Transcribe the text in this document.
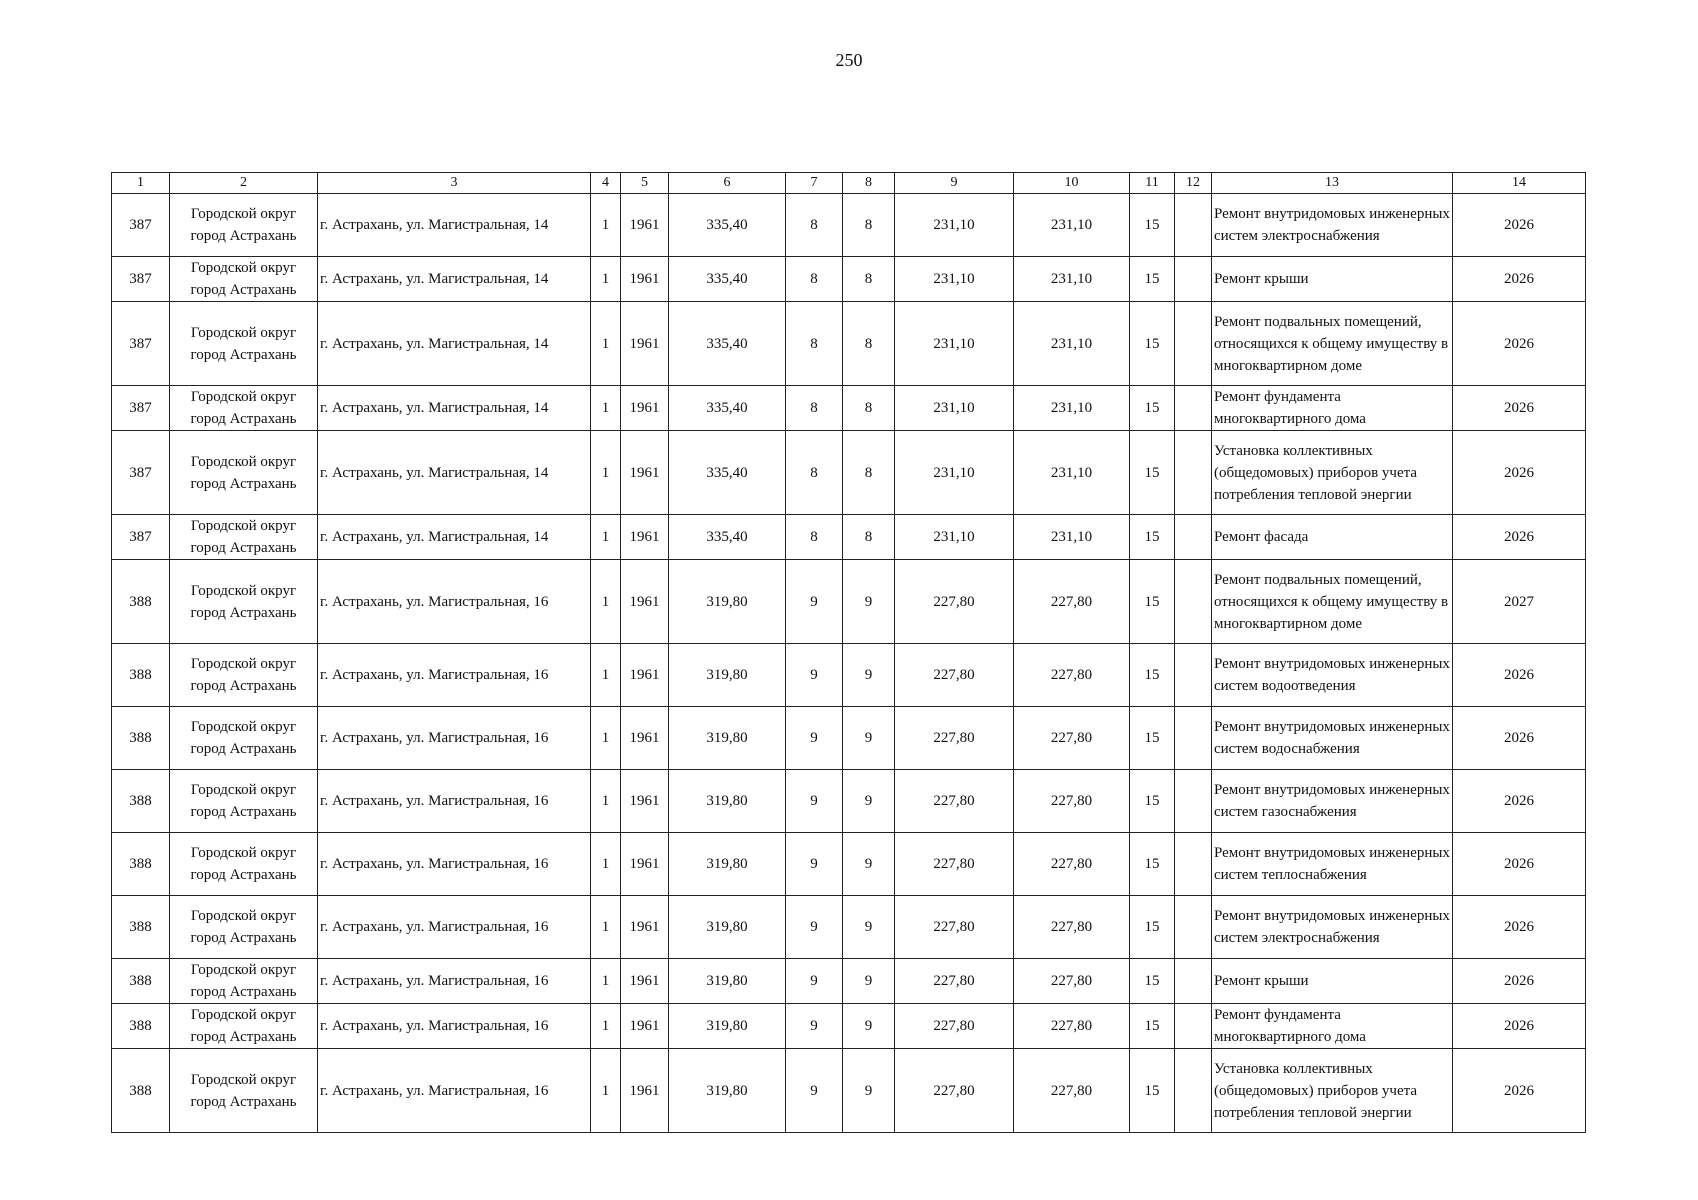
250
1	2	3	4	5	6	7	8	9	10	11	12	13	14
387	Городской округ город Астрахань	г. Астрахань, ул. Магистральная, 14	1	1961	335,40	8	8	231,10	231,10	15		Ремонт внутридомовых инженерных систем электроснабжения	2026
387	Городской округ город Астрахань	г. Астрахань, ул. Магистральная, 14	1	1961	335,40	8	8	231,10	231,10	15		Ремонт крыши	2026
387	Городской округ город Астрахань	г. Астрахань, ул. Магистральная, 14	1	1961	335,40	8	8	231,10	231,10	15		Ремонт подвальных помещений, относящихся к общему имуществу в многоквартирном доме	2026
387	Городской округ город Астрахань	г. Астрахань, ул. Магистральная, 14	1	1961	335,40	8	8	231,10	231,10	15		Ремонт фундамента многоквартирного дома	2026
387	Городской округ город Астрахань	г. Астрахань, ул. Магистральная, 14	1	1961	335,40	8	8	231,10	231,10	15		Установка коллективных (общедомовых) приборов учета потребления тепловой энергии	2026
387	Городской округ город Астрахань	г. Астрахань, ул. Магистральная, 14	1	1961	335,40	8	8	231,10	231,10	15		Ремонт фасада	2026
388	Городской округ город Астрахань	г. Астрахань, ул. Магистральная, 16	1	1961	319,80	9	9	227,80	227,80	15		Ремонт подвальных помещений, относящихся к общему имуществу в многоквартирном доме	2027
388	Городской округ город Астрахань	г. Астрахань, ул. Магистральная, 16	1	1961	319,80	9	9	227,80	227,80	15		Ремонт внутридомовых инженерных систем водоотведения	2026
388	Городской округ город Астрахань	г. Астрахань, ул. Магистральная, 16	1	1961	319,80	9	9	227,80	227,80	15		Ремонт внутридомовых инженерных систем водоснабжения	2026
388	Городской округ город Астрахань	г. Астрахань, ул. Магистральная, 16	1	1961	319,80	9	9	227,80	227,80	15		Ремонт внутридомовых инженерных систем газоснабжения	2026
388	Городской округ город Астрахань	г. Астрахань, ул. Магистральная, 16	1	1961	319,80	9	9	227,80	227,80	15		Ремонт внутридомовых инженерных систем теплоснабжения	2026
388	Городской округ город Астрахань	г. Астрахань, ул. Магистральная, 16	1	1961	319,80	9	9	227,80	227,80	15		Ремонт внутридомовых инженерных систем электроснабжения	2026
388	Городской округ город Астрахань	г. Астрахань, ул. Магистральная, 16	1	1961	319,80	9	9	227,80	227,80	15		Ремонт крыши	2026
388	Городской округ город Астрахань	г. Астрахань, ул. Магистральная, 16	1	1961	319,80	9	9	227,80	227,80	15		Ремонт фундамента многоквартирного дома	2026
388	Городской округ город Астрахань	г. Астрахань, ул. Магистральная, 16	1	1961	319,80	9	9	227,80	227,80	15		Установка коллективных (общедомовых) приборов учета потребления тепловой энергии	2026
